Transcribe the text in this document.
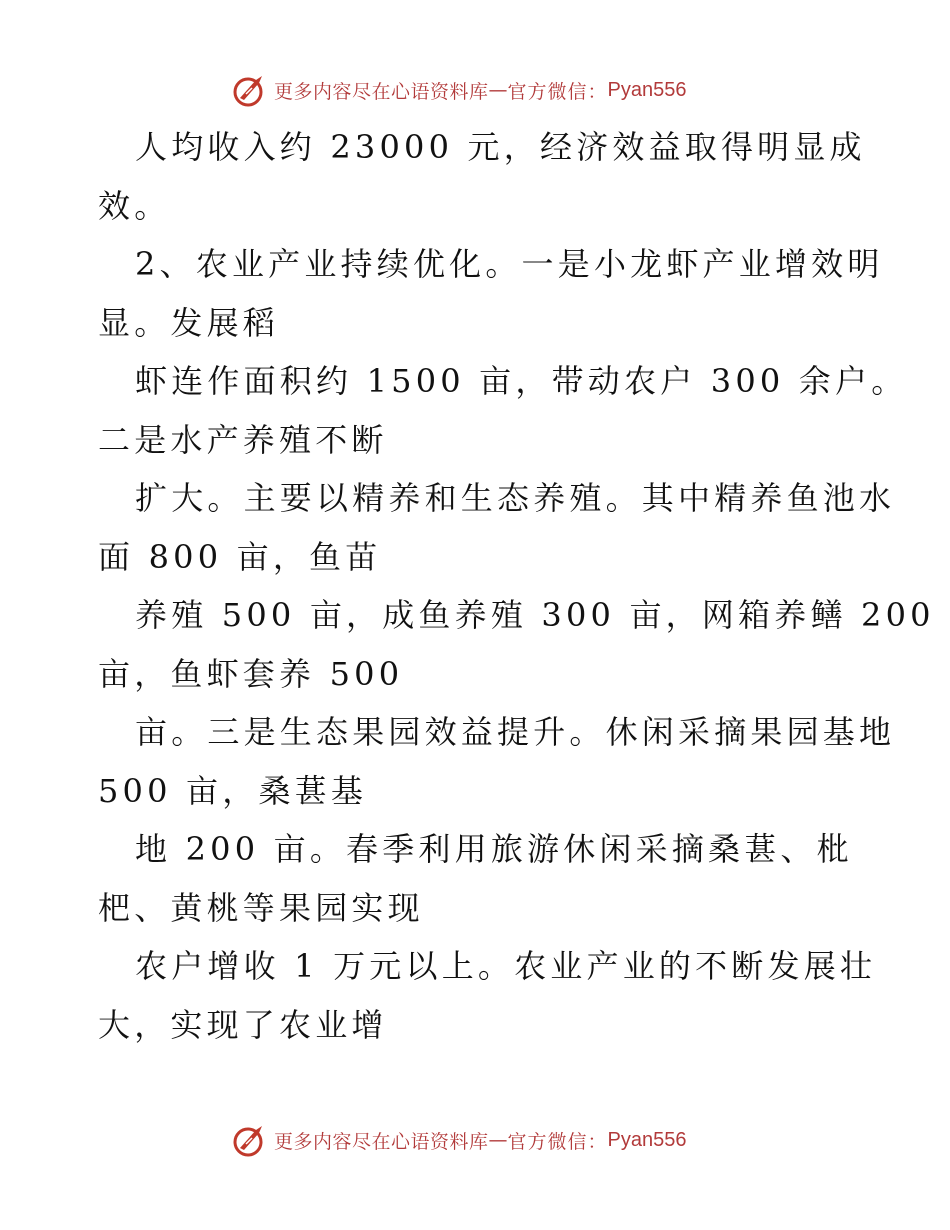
更多内容尽在心语资料库 — 官方微信： Pyan556
人均收入约 23000 元，经济效益取得明显成
效。
2、农业产业持续优化。一是小龙虾产业增效明
显。发展稻
虾连作面积约 1500 亩，带动农户 300 余户。
二是水产养殖不断
扩大。主要以精养和生态养殖。其中精养鱼池水
面 800 亩，鱼苗
养殖 500 亩，成鱼养殖 300 亩，网箱养鳝 200
亩，鱼虾套养 500
亩。三是生态果园效益提升。休闲采摘果园基地
500 亩，桑葚基
地 200 亩。春季利用旅游休闲采摘桑葚、枇
杷、黄桃等果园实现
农户增收 1 万元以上。农业产业的不断发展壮
大，实现了农业增
更多内容尽在心语资料库 — 官方微信： Pyan556
